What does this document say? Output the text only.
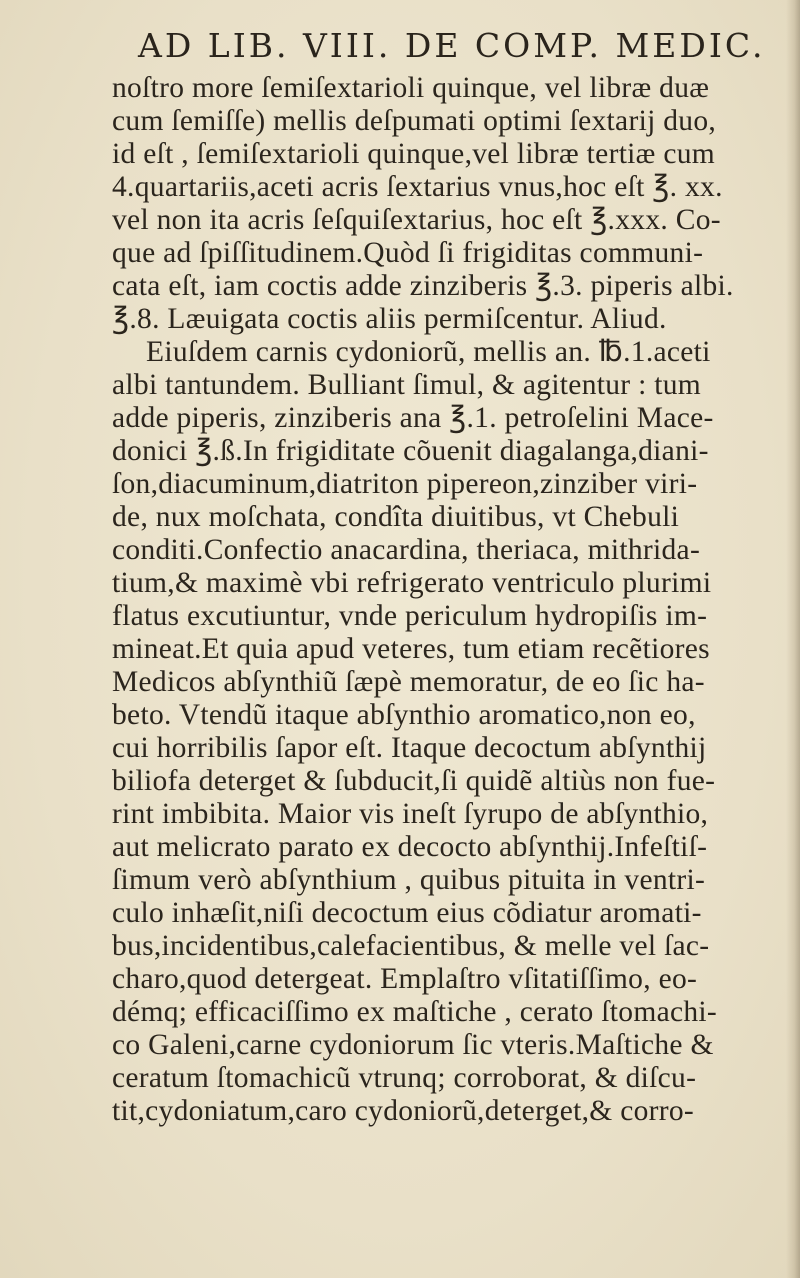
AD LIB. VIII. DE COMP. MEDIC.
noſtro more ſemiſextarioli quinque, vel libræ duæ
cum ſemiſſe) mellis deſpumati optimi ſextarij duo,
id eſt , ſemiſextarioli quinque,vel libræ tertiæ cum
4.quartariis,aceti acris ſextarius vnus,hoc eſt ℥. xx.
vel non ita acris ſeſquiſextarius, hoc eſt ℥.xxx. Co-
que ad ſpiſſitudinem.Quòd ſi frigiditas communi-
cata eſt, iam coctis adde zinziberis ℥.3. piperis albi.
℥.8. Læuigata coctis aliis permiſcentur. Aliud.
Eiuſdem carnis cydoniorũ, mellis an. ℔.1.aceti
albi tantundem. Bulliant ſimul, & agitentur : tum
adde piperis, zinziberis ana ℥.1. petroſelini Mace-
donici ℥.ß.In frigiditate cõuenit diagalanga,diani-
ſon,diacuminum,diatriton pipereon,zinziber viri-
de, nux moſchata, condîta diuitibus, vt Chebuli
conditi.Confectio anacardina, theriaca, mithrida-
tium,& maximè vbi refrigerato ventriculo plurimi
flatus excutiuntur, vnde periculum hydropiſis im-
mineat.Et quia apud veteres, tum etiam recẽtiores
Medicos abſynthiũ ſæpè memoratur, de eo ſic ha-
beto. Vtendũ itaque abſynthio aromatico,non eo,
cui horribilis ſapor eſt. Itaque decoctum abſynthij
biliofa deterget & ſubducit,ſi quidẽ altiùs non fue-
rint imbibita. Maior vis ineſt ſyrupo de abſynthio,
aut melicrato parato ex decocto abſynthij.Infeſtiſ-
ſimum verò abſynthium , quibus pituita in ventri-
culo inhæſit,niſi decoctum eius cõdiatur aromati-
bus,incidentibus,calefacientibus, & melle vel ſac-
charo,quod detergeat. Emplaſtro vſitatiſſimo, eo-
démq; efficaciſſimo ex maſtiche , cerato ſtomachi-
co Galeni,carne cydoniorum ſic vteris.Maſtiche &
ceratum ſtomachicũ vtrunq; corroborat, & diſcu-
tit,cydoniatum,caro cydoniorũ,deterget,& corro-
